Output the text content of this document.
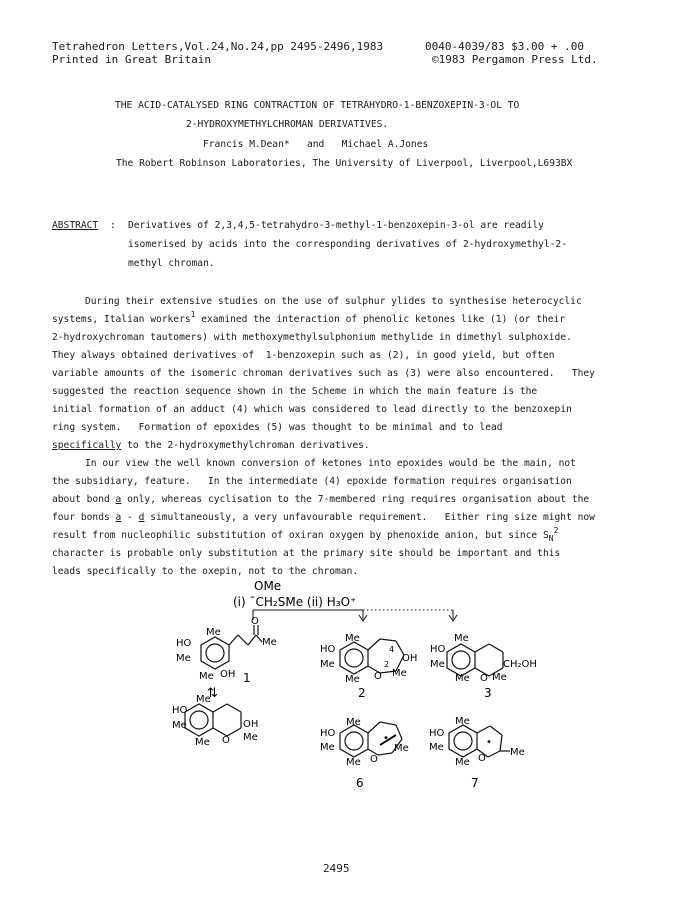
Tetrahedron Letters,Vol.24,No.24,pp 2495-2496,1983	0040-4039/83 $3.00 + .00
Printed in Great Britain	©1983 Pergamon Press Ltd.
THE ACID-CATALYSED RING CONTRACTION OF TETRAHYDRO-1-BENZOXEPIN-3-OL TO
2-HYDROXYMETHYLCHROMAN DERIVATIVES.
Francis M.Dean* and Michael A.Jones
The Robert Robinson Laboratories, The University of Liverpool, Liverpool,L693BX
ABSTRACT : Derivatives of 2,3,4,5-tetrahydro-3-methyl-1-benzoxepin-3-ol are readily
isomerised by acids into the corresponding derivatives of 2-hydroxymethyl-2-
methyl chroman.
During their extensive studies on the use of sulphur ylides to synthesise heterocyclic
systems, Italian workers$^1$ examined the interaction of phenolic ketones like (1) (or their
2-hydroxychroman tautomers) with methoxymethylsulphonium methylide in dimethyl sulphoxide.
They always obtained derivatives of  1-benzoxepin such as (2), in good yield, but often
variable amounts of the isomeric chroman derivatives such as (3) were also encountered.   They
suggested the reaction sequence shown in the Scheme in which the main feature is the
initial formation of an adduct (4) which was considered to lead directly to the benzoxepin
ring system.   Formation of epoxides (5) was thought to be minimal and to lead
specifically to the 2-hydroxymethylchroman derivatives.
In our view the well known conversion of ketones into epoxides would be the main, not
the subsidiary, feature.   In the intermediate (4) epoxide formation requires organisation
about bond a only, whereas cyclisation to the 7-membered ring requires organisation about the
four bonds a - d simultaneously, a very unfavourable requirement.   Either ring size might now
result from nucleophilic substitution of oxiran oxygen by phenoxide anion, but since $S_N^2$
character is probable only substitution at the primary site should be important and this
leads specifically to the oxepin, not to the chroman.
OMe
(i) ¯CH₂SMe (ii) H₃O⁺
O
Me
Me
HO
Me
OH
Me 1
⇅
Me
HO
Me	OH
Me
O
Me
Me
HO
Me
4
2
OH
Me
O
Me
2
Me
HO
Me	CH₂OH
Me
O
Me
3
Me
HO
Me	Me
O
•
Me
6
Me
HO
Me	Me
O
•
Me
7
2495
